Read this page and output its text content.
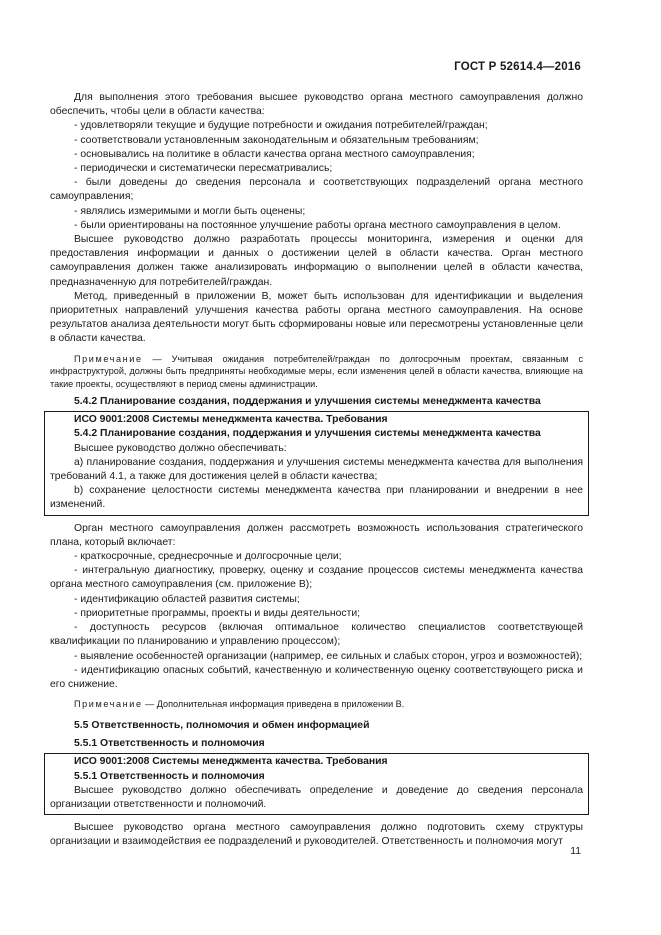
ГОСТ Р 52614.4—2016

Для выполнения этого требования высшее руководство органа местного самоуправления должно обеспечить, чтобы цели в области качества:

- удовлетворяли текущие и будущие потребности и ожидания потребителей/граждан;

- соответствовали установленным законодательным и обязательным требованиям;

- основывались на политике в области качества органа местного самоуправления;

- периодически и систематически пересматривались;

- были доведены до сведения персонала и соответствующих подразделений органа местного самоуправления;

- являлись измеримыми и могли быть оценены;

- были ориентированы на постоянное улучшение работы органа местного самоуправления в целом.

Высшее руководство должно разработать процессы мониторинга, измерения и оценки для предоставления информации и данных о достижении целей в области качества. Орган местного самоуправления должен также анализировать информацию о выполнении целей в области качества, предназначенную для потребителей/граждан.

Метод, приведенный в приложении В, может быть использован для идентификации и выделения приоритетных направлений улучшения качества работы органа местного самоуправления. На основе результатов анализа деятельности могут быть сформированы новые или пересмотрены установленные цели в области качества.

Примечание — Учитывая ожидания потребителей/граждан по долгосрочным проектам, связанным с инфраструктурой, должны быть предприняты необходимые меры, если изменения целей в области качества, влияющие на такие проекты, осуществляют в период смены администрации.

5.4.2 Планирование создания, поддержания и улучшения системы менеджмента качества
ИСО 9001:2008 Системы менеджмента качества. Требования
5.4.2 Планирование создания, поддержания и улучшения системы менеджмента качества

Высшее руководство должно обеспечивать:

а) планирование создания, поддержания и улучшения системы менеджмента качества для выполнения требований 4.1, а также для достижения целей в области качества;

b) сохранение целостности системы менеджмента качества при планировании и внедрении в нее изменений.

Орган местного самоуправления должен рассмотреть возможность использования стратегического плана, который включает:

- краткосрочные, среднесрочные и долгосрочные цели;

- интегральную диагностику, проверку, оценку и создание процессов системы менеджмента качества органа местного самоуправления (см. приложение В);

- идентификацию областей развития системы;

- приоритетные программы, проекты и виды деятельности;

- доступность ресурсов (включая оптимальное количество специалистов соответствующей квалификации по планированию и управлению процессом);

- выявление особенностей организации (например, ее сильных и слабых сторон, угроз и возможностей);

- идентификацию опасных событий, качественную и количественную оценку соответствующего риска и его снижение.

Примечание — Дополнительная информация приведена в приложении В.

5.5 Ответственность, полномочия и обмен информацией
5.5.1 Ответственность и полномочия
ИСО 9001:2008 Системы менеджмента качества. Требования
5.5.1 Ответственность и полномочия

Высшее руководство должно обеспечивать определение и доведение до сведения персонала организации ответственности и полномочий.

Высшее руководство органа местного самоуправления должно подготовить схему структуры организации и взаимодействия ее подразделений и руководителей. Ответственность и полномочия могут

11
